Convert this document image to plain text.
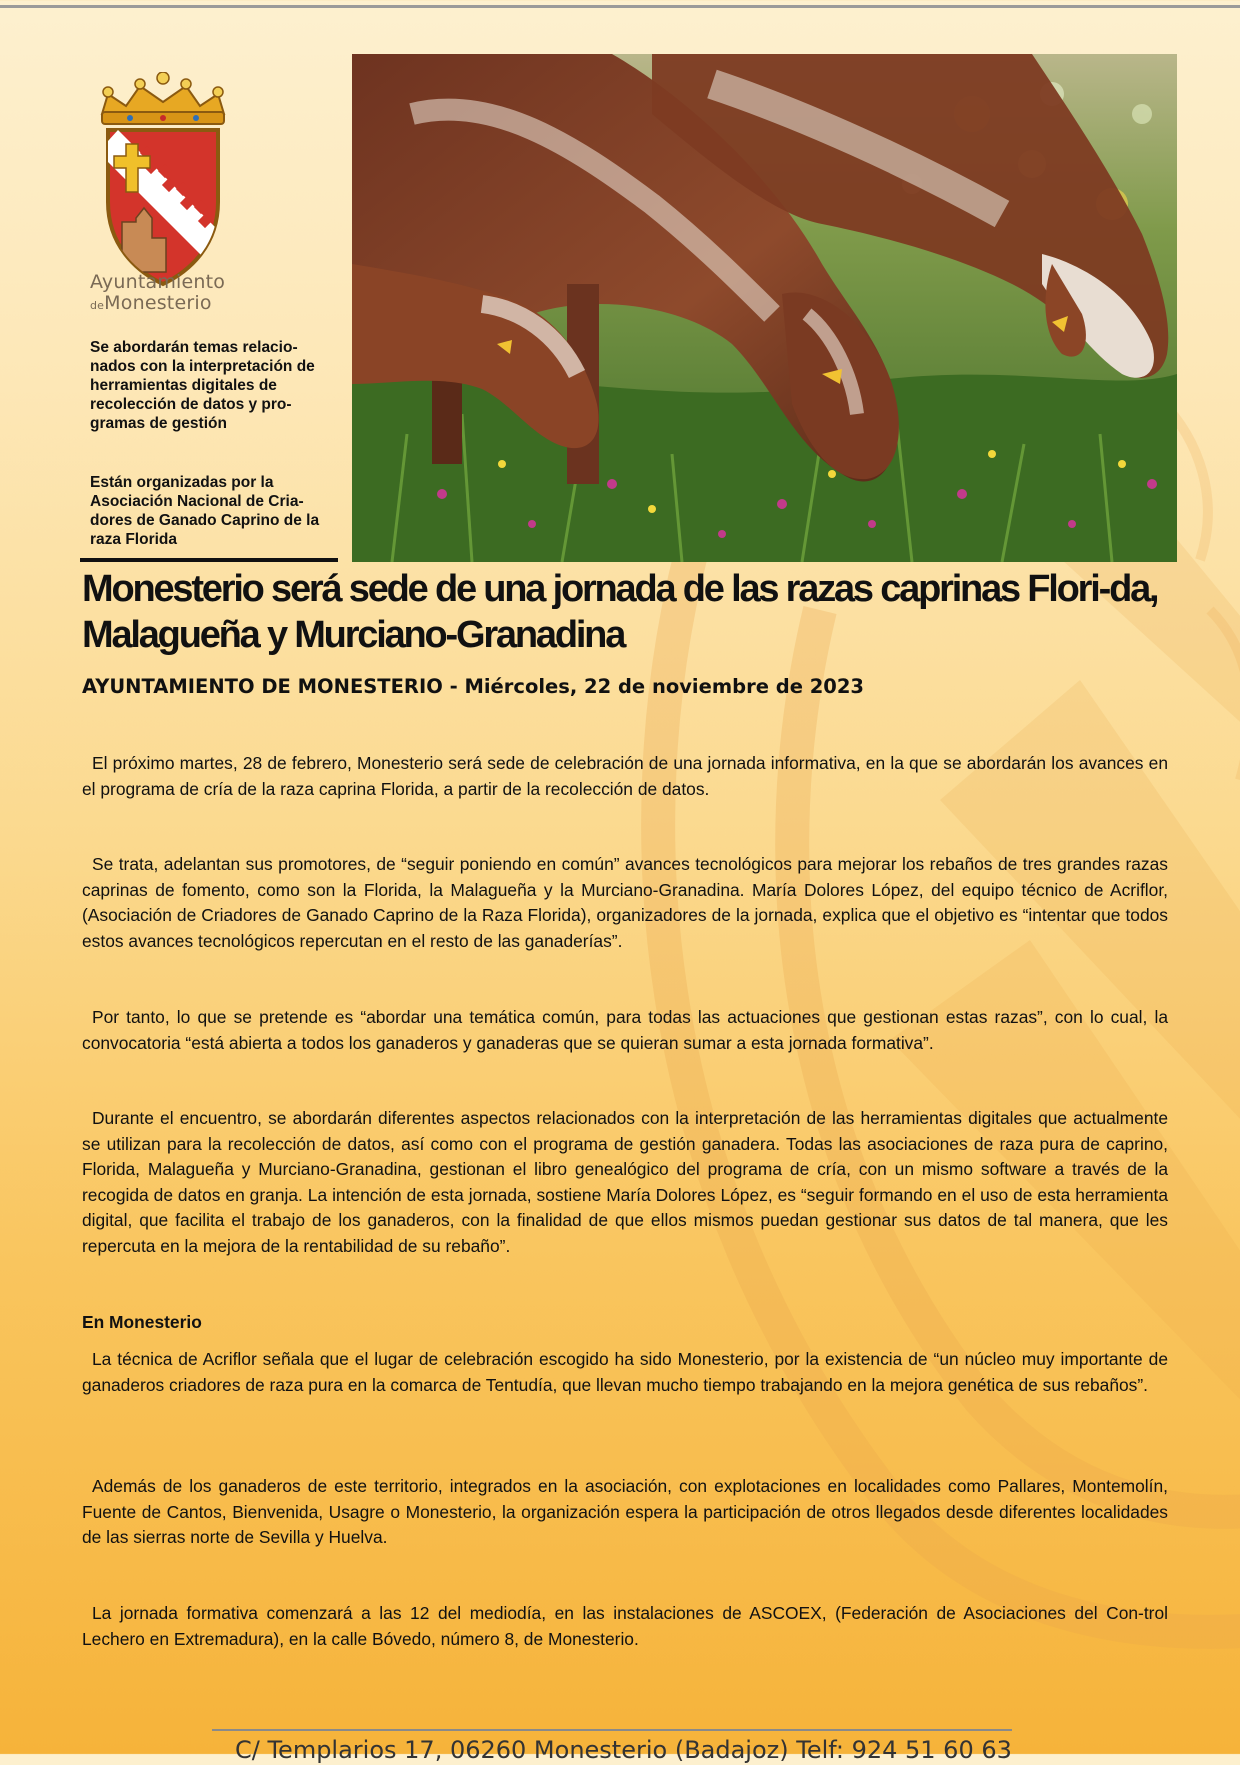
Ayuntamiento
deMonesterio
Se abordarán temas relacio-nados con la interpretación de herramientas digitales de recolección de datos y pro-gramas de gestión
Están organizadas por la Asociación Nacional de Cria-dores de Ganado Caprino de la raza Florida
Monesterio será sede de una jornada de las razas caprinas Flori-da, Malagueña y Murciano-Granadina
AYUNTAMIENTO DE MONESTERIO - Miércoles, 22 de noviembre de 2023

El próximo martes, 28 de febrero, Monesterio será sede de celebración de una jornada informativa, en la que se abordarán los avances en el programa de cría de la raza caprina Florida, a partir de la recolección de datos.

Se trata, adelantan sus promotores, de “seguir poniendo en común” avances tecnológicos para mejorar los rebaños de tres grandes razas caprinas de fomento, como son la Florida, la Malagueña y la Murciano-Granadina. María Dolores López, del equipo técnico de Acriflor, (Asociación de Criadores de Ganado Caprino de la Raza Florida), organizadores de la jornada, explica que el objetivo es “intentar que todos estos avances tecnológicos repercutan en el resto de las ganaderías”.

Por tanto, lo que se pretende es “abordar una temática común, para todas las actuaciones que gestionan estas razas”, con lo cual, la convocatoria “está abierta a todos los ganaderos y ganaderas que se quieran sumar a esta jornada formativa”.

Durante el encuentro, se abordarán diferentes aspectos relacionados con la interpretación de las herramientas digitales que actualmente se utilizan para la recolección de datos, así como con el programa de gestión ganadera. Todas las asociaciones de raza pura de caprino, Florida, Malagueña y Murciano-Granadina, gestionan el libro genealógico del programa de cría, con un mismo software a través de la recogida de datos en granja. La intención de esta jornada, sostiene María Dolores López, es “seguir formando en el uso de esta herramienta digital, que facilita el trabajo de los ganaderos, con la finalidad de que ellos mismos puedan gestionar sus datos de tal manera, que les repercuta en la mejora de la rentabilidad de su rebaño”.

En Monesterio

La técnica de Acriflor señala que el lugar de celebración escogido ha sido Monesterio, por la existencia de “un núcleo muy importante de ganaderos criadores de raza pura en la comarca de Tentudía, que llevan mucho tiempo trabajando en la mejora genética de sus rebaños”.

Además de los ganaderos de este territorio, integrados en la asociación, con explotaciones en localidades como Pallares, Montemolín, Fuente de Cantos, Bienvenida, Usagre o Monesterio, la organización espera la participación de otros llegados desde diferentes localidades de las sierras norte de Sevilla y Huelva.

La jornada formativa comenzará a las 12 del mediodía, en las instalaciones de ASCOEX, (Federación de Asociaciones del Con-trol Lechero en Extremadura), en la calle Bóvedo, número 8, de Monesterio.

C/ Templarios 17, 06260 Monesterio (Badajoz) Telf: 924 51 60 63
